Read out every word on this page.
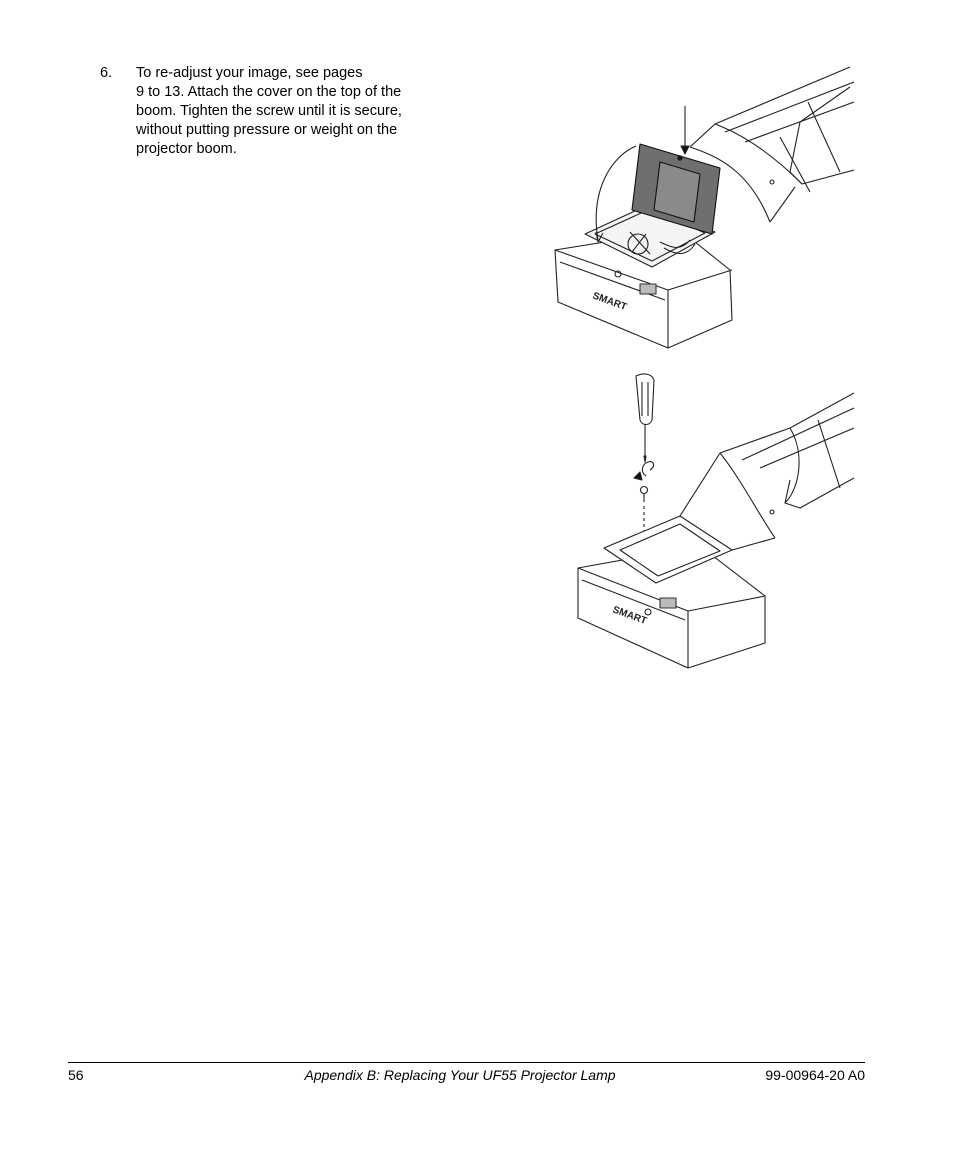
6. To re-adjust your image, see pages
9 to 13. Attach the cover on the top of the
boom. Tighten the screw until it is secure,
without putting pressure or weight on the
projector boom.
SMART
SMART
56	Appendix B: Replacing Your UF55 Projector Lamp	99-00964-20 A0
